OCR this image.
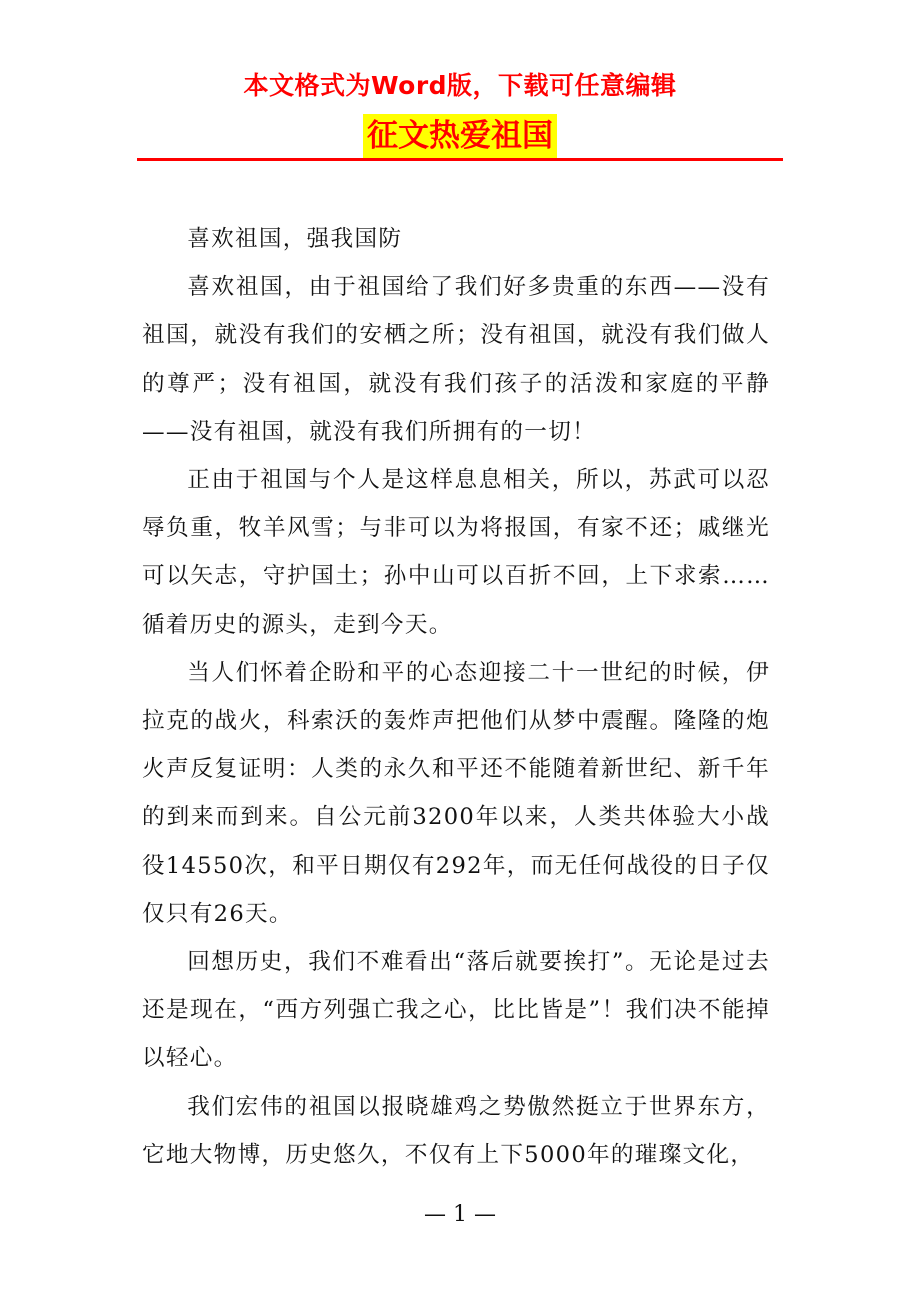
本文格式为Word版，下载可任意编辑
征文热爱祖国

喜欢祖国，强我国防

喜欢祖国，由于祖国给了我们好多贵重的东西——没有祖国，就没有我们的安栖之所；没有祖国，就没有我们做人的尊严；没有祖国，就没有我们孩子的活泼和家庭的平静——没有祖国，就没有我们所拥有的一切！

正由于祖国与个人是这样息息相关，所以，苏武可以忍辱负重，牧羊风雪；与非可以为将报国，有家不还；戚继光可以矢志，守护国土；孙中山可以百折不回，上下求索……循着历史的源头，走到今天。

当人们怀着企盼和平的心态迎接二十一世纪的时候，伊拉克的战火，科索沃的轰炸声把他们从梦中震醒。隆隆的炮火声反复证明：人类的永久和平还不能随着新世纪、新千年的到来而到来。自公元前3200年以来，人类共体验大小战役14550次，和平日期仅有292年，而无任何战役的日子仅仅只有26天。

回想历史，我们不难看出“落后就要挨打”。无论是过去还是现在，“西方列强亡我之心，比比皆是”！我们决不能掉以轻心。

我们宏伟的祖国以报晓雄鸡之势傲然挺立于世界东方，它地大物博，历史悠久，不仅有上下5000年的璀璨文化，

— 1 —
